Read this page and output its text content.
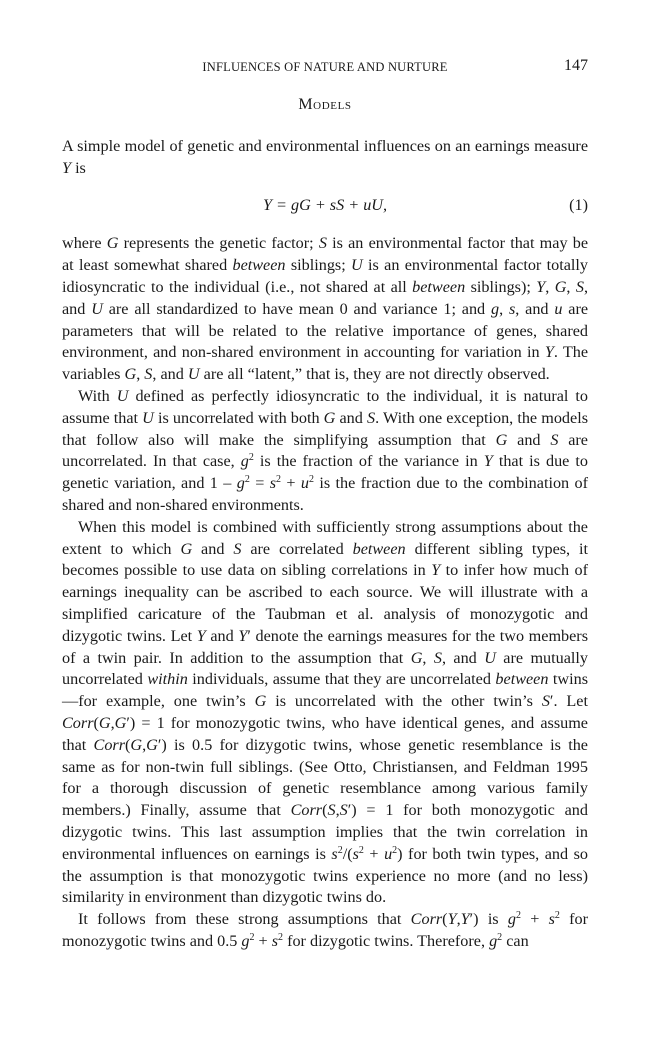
INFLUENCES OF NATURE AND NURTURE	147
Models

A simple model of genetic and environmental influences on an earnings measure Y is

Y = gG + sS + uU,	(1)

where G represents the genetic factor; S is an environmental factor that may be at least somewhat shared between siblings; U is an environmental factor totally idiosyncratic to the individual (i.e., not shared at all between siblings); Y, G, S, and U are all standardized to have mean 0 and variance 1; and g, s, and u are parameters that will be related to the relative importance of genes, shared environment, and non-shared environment in accounting for variation in Y. The variables G, S, and U are all “latent,” that is, they are not directly observed.

With U defined as perfectly idiosyncratic to the individual, it is natural to assume that U is uncorrelated with both G and S. With one exception, the models that follow also will make the simplifying assumption that G and S are uncorrelated. In that case, $g^2$ is the fraction of the variance in Y that is due to genetic variation, and $1 - g^2 = s^2 + u^2$ is the fraction due to the combination of shared and non-shared environments.

When this model is combined with sufficiently strong assumptions about the extent to which G and S are correlated between different sibling types, it becomes possible to use data on sibling correlations in Y to infer how much of earnings inequality can be ascribed to each source. We will illustrate with a simplified caricature of the Taubman et al. analysis of monozygotic and dizygotic twins. Let Y and Y′ denote the earnings measures for the two members of a twin pair. In addition to the assumption that G, S, and U are mutually uncorrelated within individuals, assume that they are uncorrelated between twins—for example, one twin’s G is uncorrelated with the other twin’s S′. Let Corr(G,G′) = 1 for monozygotic twins, who have identical genes, and assume that Corr(G,G′) is 0.5 for dizygotic twins, whose genetic resemblance is the same as for non-twin full siblings. (See Otto, Christiansen, and Feldman 1995 for a thorough discussion of genetic resemblance among various family members.) Finally, assume that Corr(S,S′) = 1 for both monozygotic and dizygotic twins. This last assumption implies that the twin correlation in environmental influences on earnings is $s^2/(s^2 + u^2)$ for both twin types, and so the assumption is that monozygotic twins experience no more (and no less) similarity in environment than dizygotic twins do.

It follows from these strong assumptions that Corr(Y,Y′) is $g^2 + s^2$ for monozygotic twins and 0.5 $g^2 + s^2$ for dizygotic twins. Therefore, $g^2$ can
